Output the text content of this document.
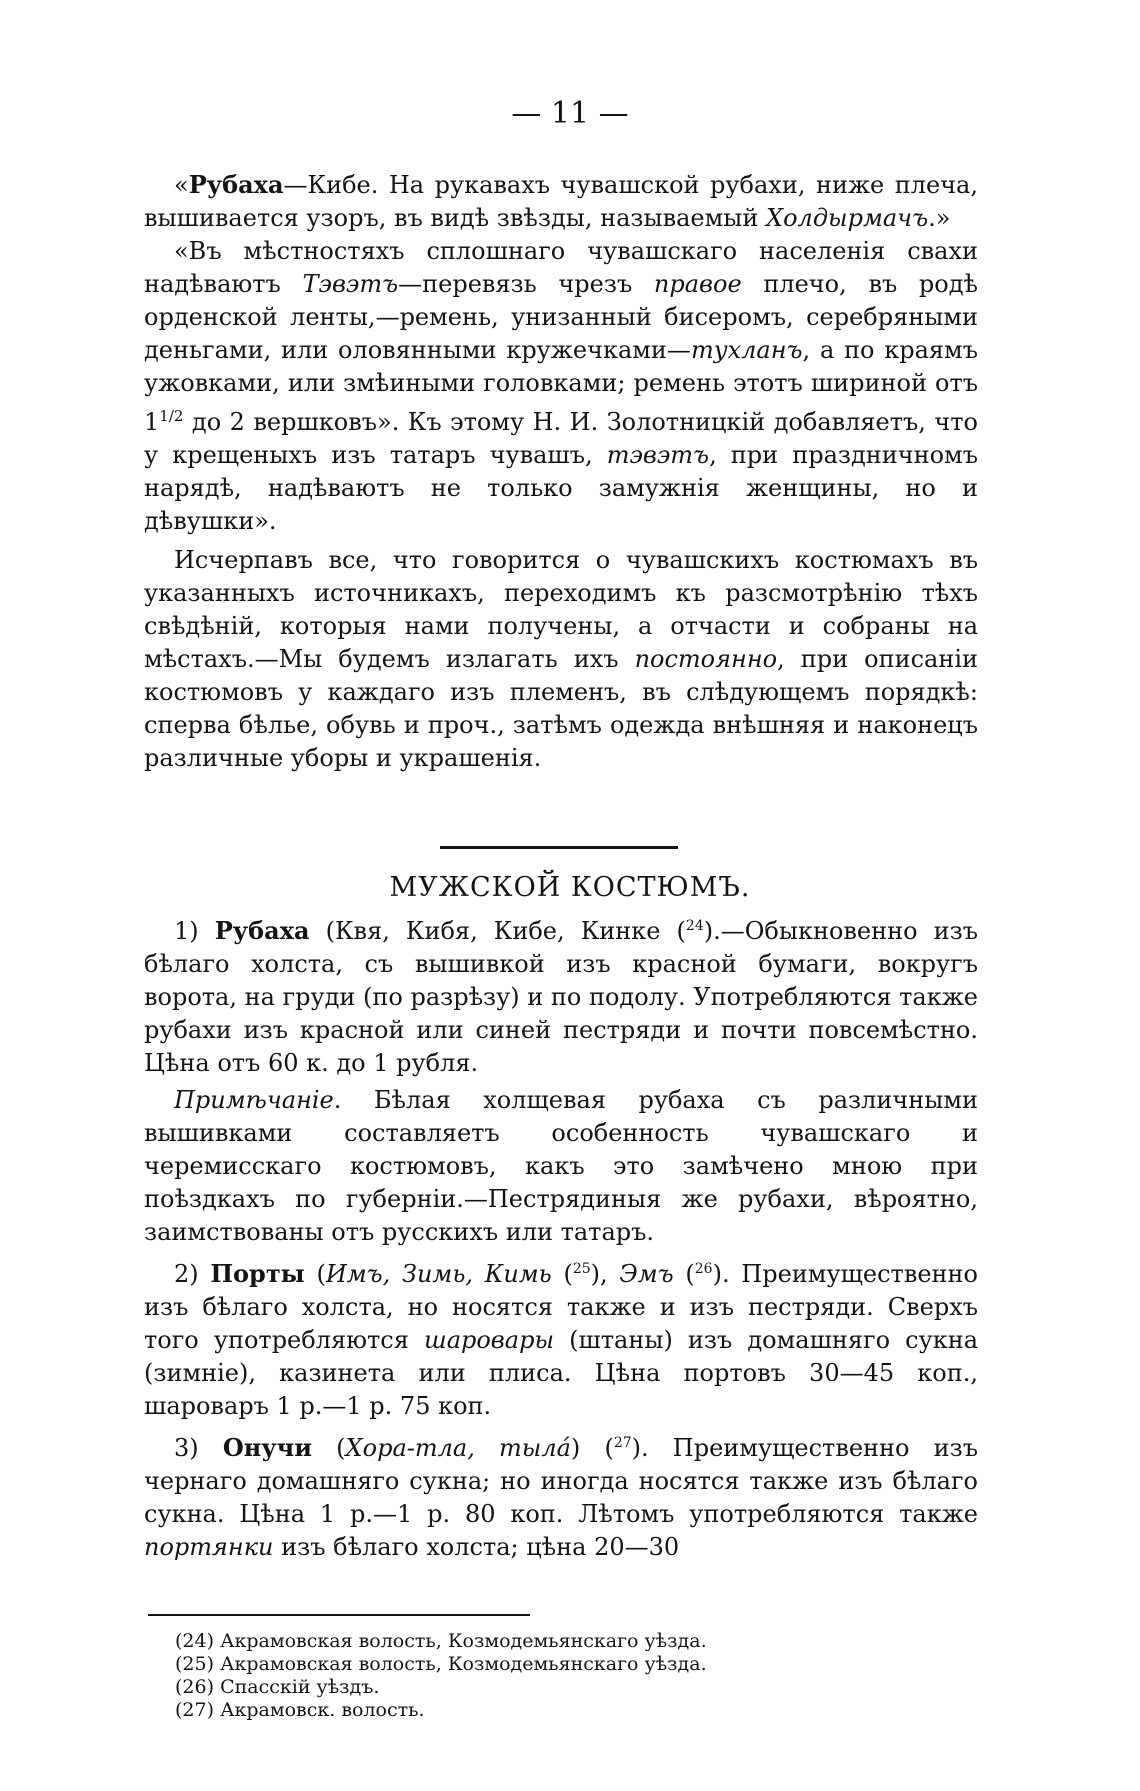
— 11 —

«Рубаха—Кибе. На рукавахъ чувашской рубахи, ниже плеча, вышивается узоръ, въ видѣ звѣзды, называемый Холдырмачъ.»

«Въ мѣстностяхъ сплошнаго чувашскаго населенія свахи надѣваютъ Тэвэтъ—перевязь чрезъ правое плечо, въ родѣ орденской ленты,—ремень, унизанный бисеромъ, серебряными деньгами, или оловянными кружечками—тухланъ, а по краямъ ужовками, или змѣиными головками; ремень этотъ шириной отъ $1^{1/2}$ до 2 вершковъ». Къ этому Н. И. Золотницкій добавляетъ, что у крещеныхъ изъ татаръ чувашъ, тэвэтъ, при праздничномъ нарядѣ, надѣваютъ не только замужнія женщины, но и дѣвушки».

Исчерпавъ все, что говорится о чувашскихъ костюмахъ въ указанныхъ источникахъ, переходимъ къ разсмотрѣнію тѣхъ свѣдѣній, которыя нами получены, а отчасти и собраны на мѣстахъ.—Мы будемъ излагать ихъ постоянно, при описаніи костюмовъ у каждаго изъ племенъ, въ слѣдующемъ порядкѣ: сперва бѣлье, обувь и проч., затѣмъ одежда внѣшняя и наконецъ различные уборы и украшенія.

МУЖСКОЙ КОСТЮМЪ.

1) Рубаха (Квя, Кибя, Кибе, Кинке ($^{24}$).—Обыкновенно изъ бѣлаго холста, съ вышивкой изъ красной бумаги, вокругъ ворота, на груди (по разрѣзу) и по подолу. Употребляются также рубахи изъ красной или синей пестряди и почти повсемѣстно. Цѣна отъ 60 к. до 1 рубля.

Примѣчаніе. Бѣлая холщевая рубаха съ различными вышивками составляетъ особенность чувашскаго и черемисскаго костюмовъ, какъ это замѣчено мною при поѣздкахъ по губерніи.—Пестрядиныя же рубахи, вѣроятно, заимствованы отъ русскихъ или татаръ.

2) Порты (Имъ, Зимь, Кимь ($^{25}$), Эмъ ($^{26}$). Преимущественно изъ бѣлаго холста, но носятся также и изъ пестряди. Сверхъ того употребляются шаровары (штаны) изъ домашняго сукна (зимніе), казинета или плиса. Цѣна портовъ 30—45 коп., шароваръ 1 р.—1 р. 75 коп.

3) Онучи (Хора-тла, тылá) ($^{27}$). Преимущественно изъ чернаго домашняго сукна; но иногда носятся также изъ бѣлаго сукна. Цѣна 1 р.—1 р. 80 коп. Лѣтомъ употребляются также портянки изъ бѣлаго холста; цѣна 20—30

(24) Акрамовская волость, Козмодемьянскаго уѣзда.
(25) Акрамовская волость, Козмодемьянскаго уѣзда.
(26) Спасскій уѣздъ.
(27) Акрамовск. волость.
